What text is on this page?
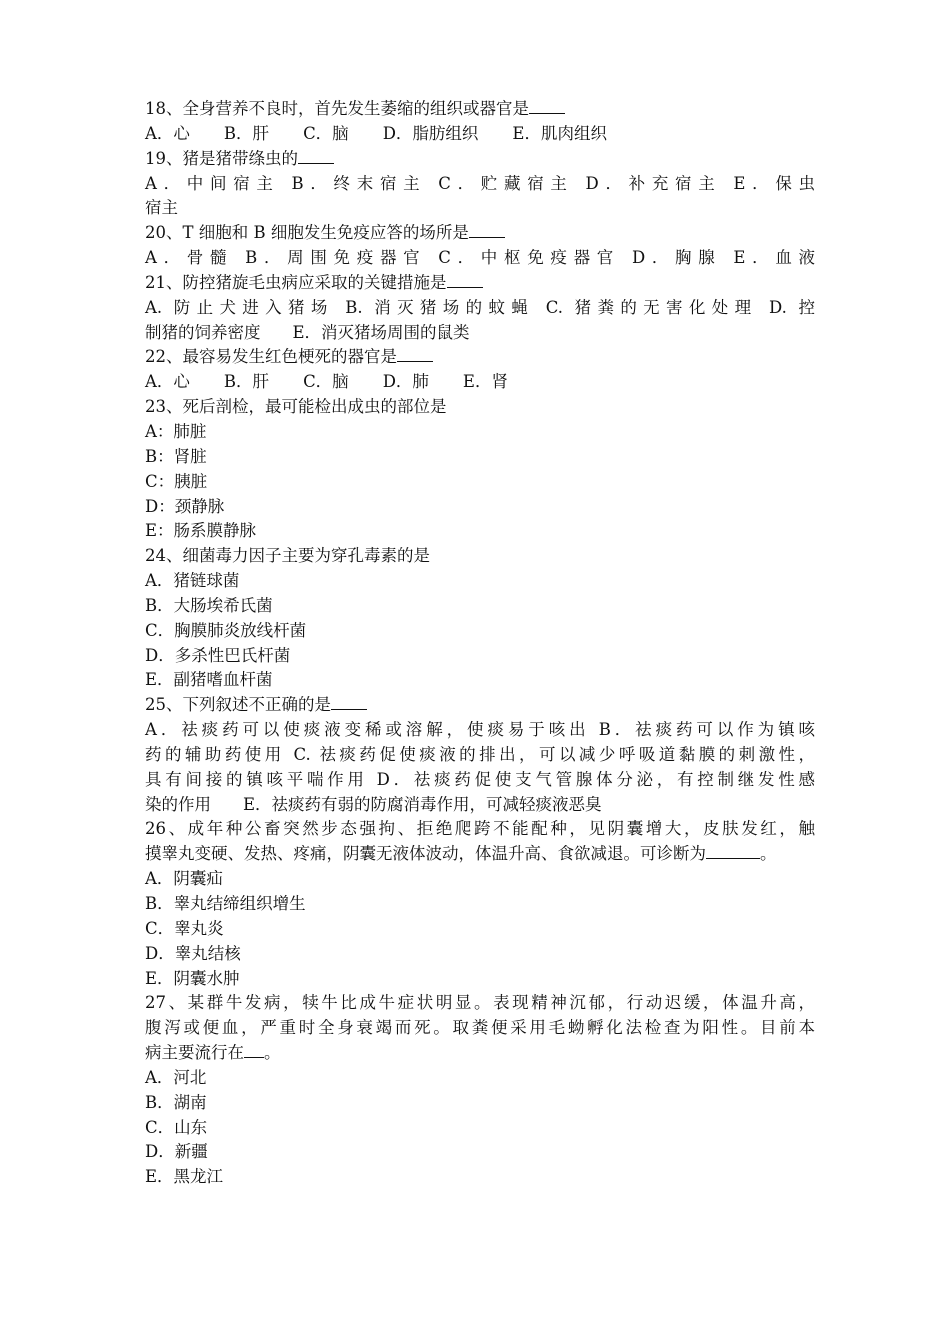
18、全身营养不良时，首先发生萎缩的组织或器官是
A．心 B．肝 C．脑 D．脂肪组织 E．肌肉组织
19、猪是猪带绦虫的
A．中间宿主 B．终末宿主 C．贮藏宿主 D．补充宿主 E．保虫
宿主
20、T 细胞和 B 细胞发生免疫应答的场所是
A．骨髓 B．周围免疫器官 C．中枢免疫器官 D．胸腺 E．血液
21、防控猪旋毛虫病应采取的关键措施是
A. 防止犬进入猪场 B. 消灭猪场的蚊蝇 C. 猪粪的无害化处理 D. 控
制猪的饲养密度 E．消灭猪场周围的鼠类
22、最容易发生红色梗死的器官是
A．心 B．肝 C．脑 D．肺 E．肾
23、死后剖检，最可能检出成虫的部位是
A：肺脏
B：肾脏
C：胰脏
D：颈静脉
E：肠系膜静脉
24、细菌毒力因子主要为穿孔毒素的是
A．猪链球菌
B．大肠埃希氏菌
C．胸膜肺炎放线杆菌
D．多杀性巴氏杆菌
E．副猪嗜血杆菌
25、下列叙述不正确的是
A．祛痰药可以使痰液变稀或溶解，使痰易于咳出 B．祛痰药可以作为镇咳
药的辅助药使用 C. 祛痰药促使痰液的排出，可以减少呼吸道黏膜的刺激性，
具有间接的镇咳平喘作用 D．祛痰药促使支气管腺体分泌，有控制继发性感
染的作用 E．祛痰药有弱的防腐消毒作用，可减轻痰液恶臭
26、成年种公畜突然步态强拘、拒绝爬跨不能配种，见阴囊增大，皮肤发红，触
摸睾丸变硬、发热、疼痛，阴囊无液体波动，体温升高、食欲减退。可诊断为	。
A．阴囊疝
B．睾丸结缔组织增生
C．睾丸炎
D．睾丸结核
E．阴囊水肿
27、某群牛发病，犊牛比成牛症状明显。表现精神沉郁，行动迟缓，体温升高，
腹泻或便血，严重时全身衰竭而死。取粪便采用毛蚴孵化法检查为阳性。目前本
病主要流行在 。
A．河北
B．湖南
C．山东
D．新疆
E．黑龙江
